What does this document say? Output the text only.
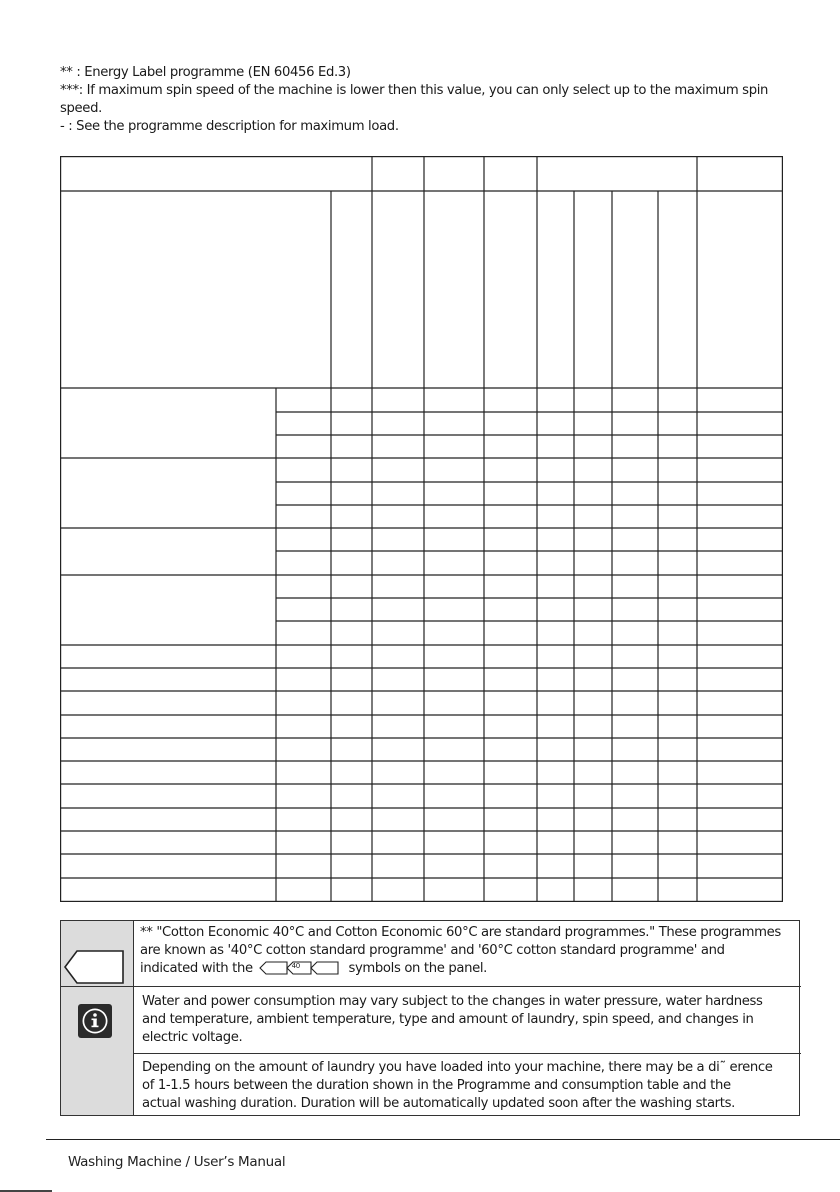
** : Energy Label programme (EN 60456 Ed.3)

***: If maximum spin speed of the machine is lower then this value, you can only select up to the maximum spin speed.

- : See the programme description for maximum load.

** "Cotton Economic 40°C and Cotton Economic 60°C are standard programmes." These programmes
are known as '40°C cotton standard programme' and '60°C cotton standard programme' and
indicated with the	40	symbols on the panel.
Water and power consumption may vary subject to the changes in water pressure, water hardness
and temperature, ambient temperature, type and amount of laundry, spin speed, and changes in
electric voltage.
Depending on the amount of laundry you have loaded into your machine, there may be a di˜ erence
of 1-1.5 hours between the duration shown in the Programme and consumption table and the
actual washing duration. Duration will be automatically updated soon after the washing starts.
Washing Machine / User’s Manual
